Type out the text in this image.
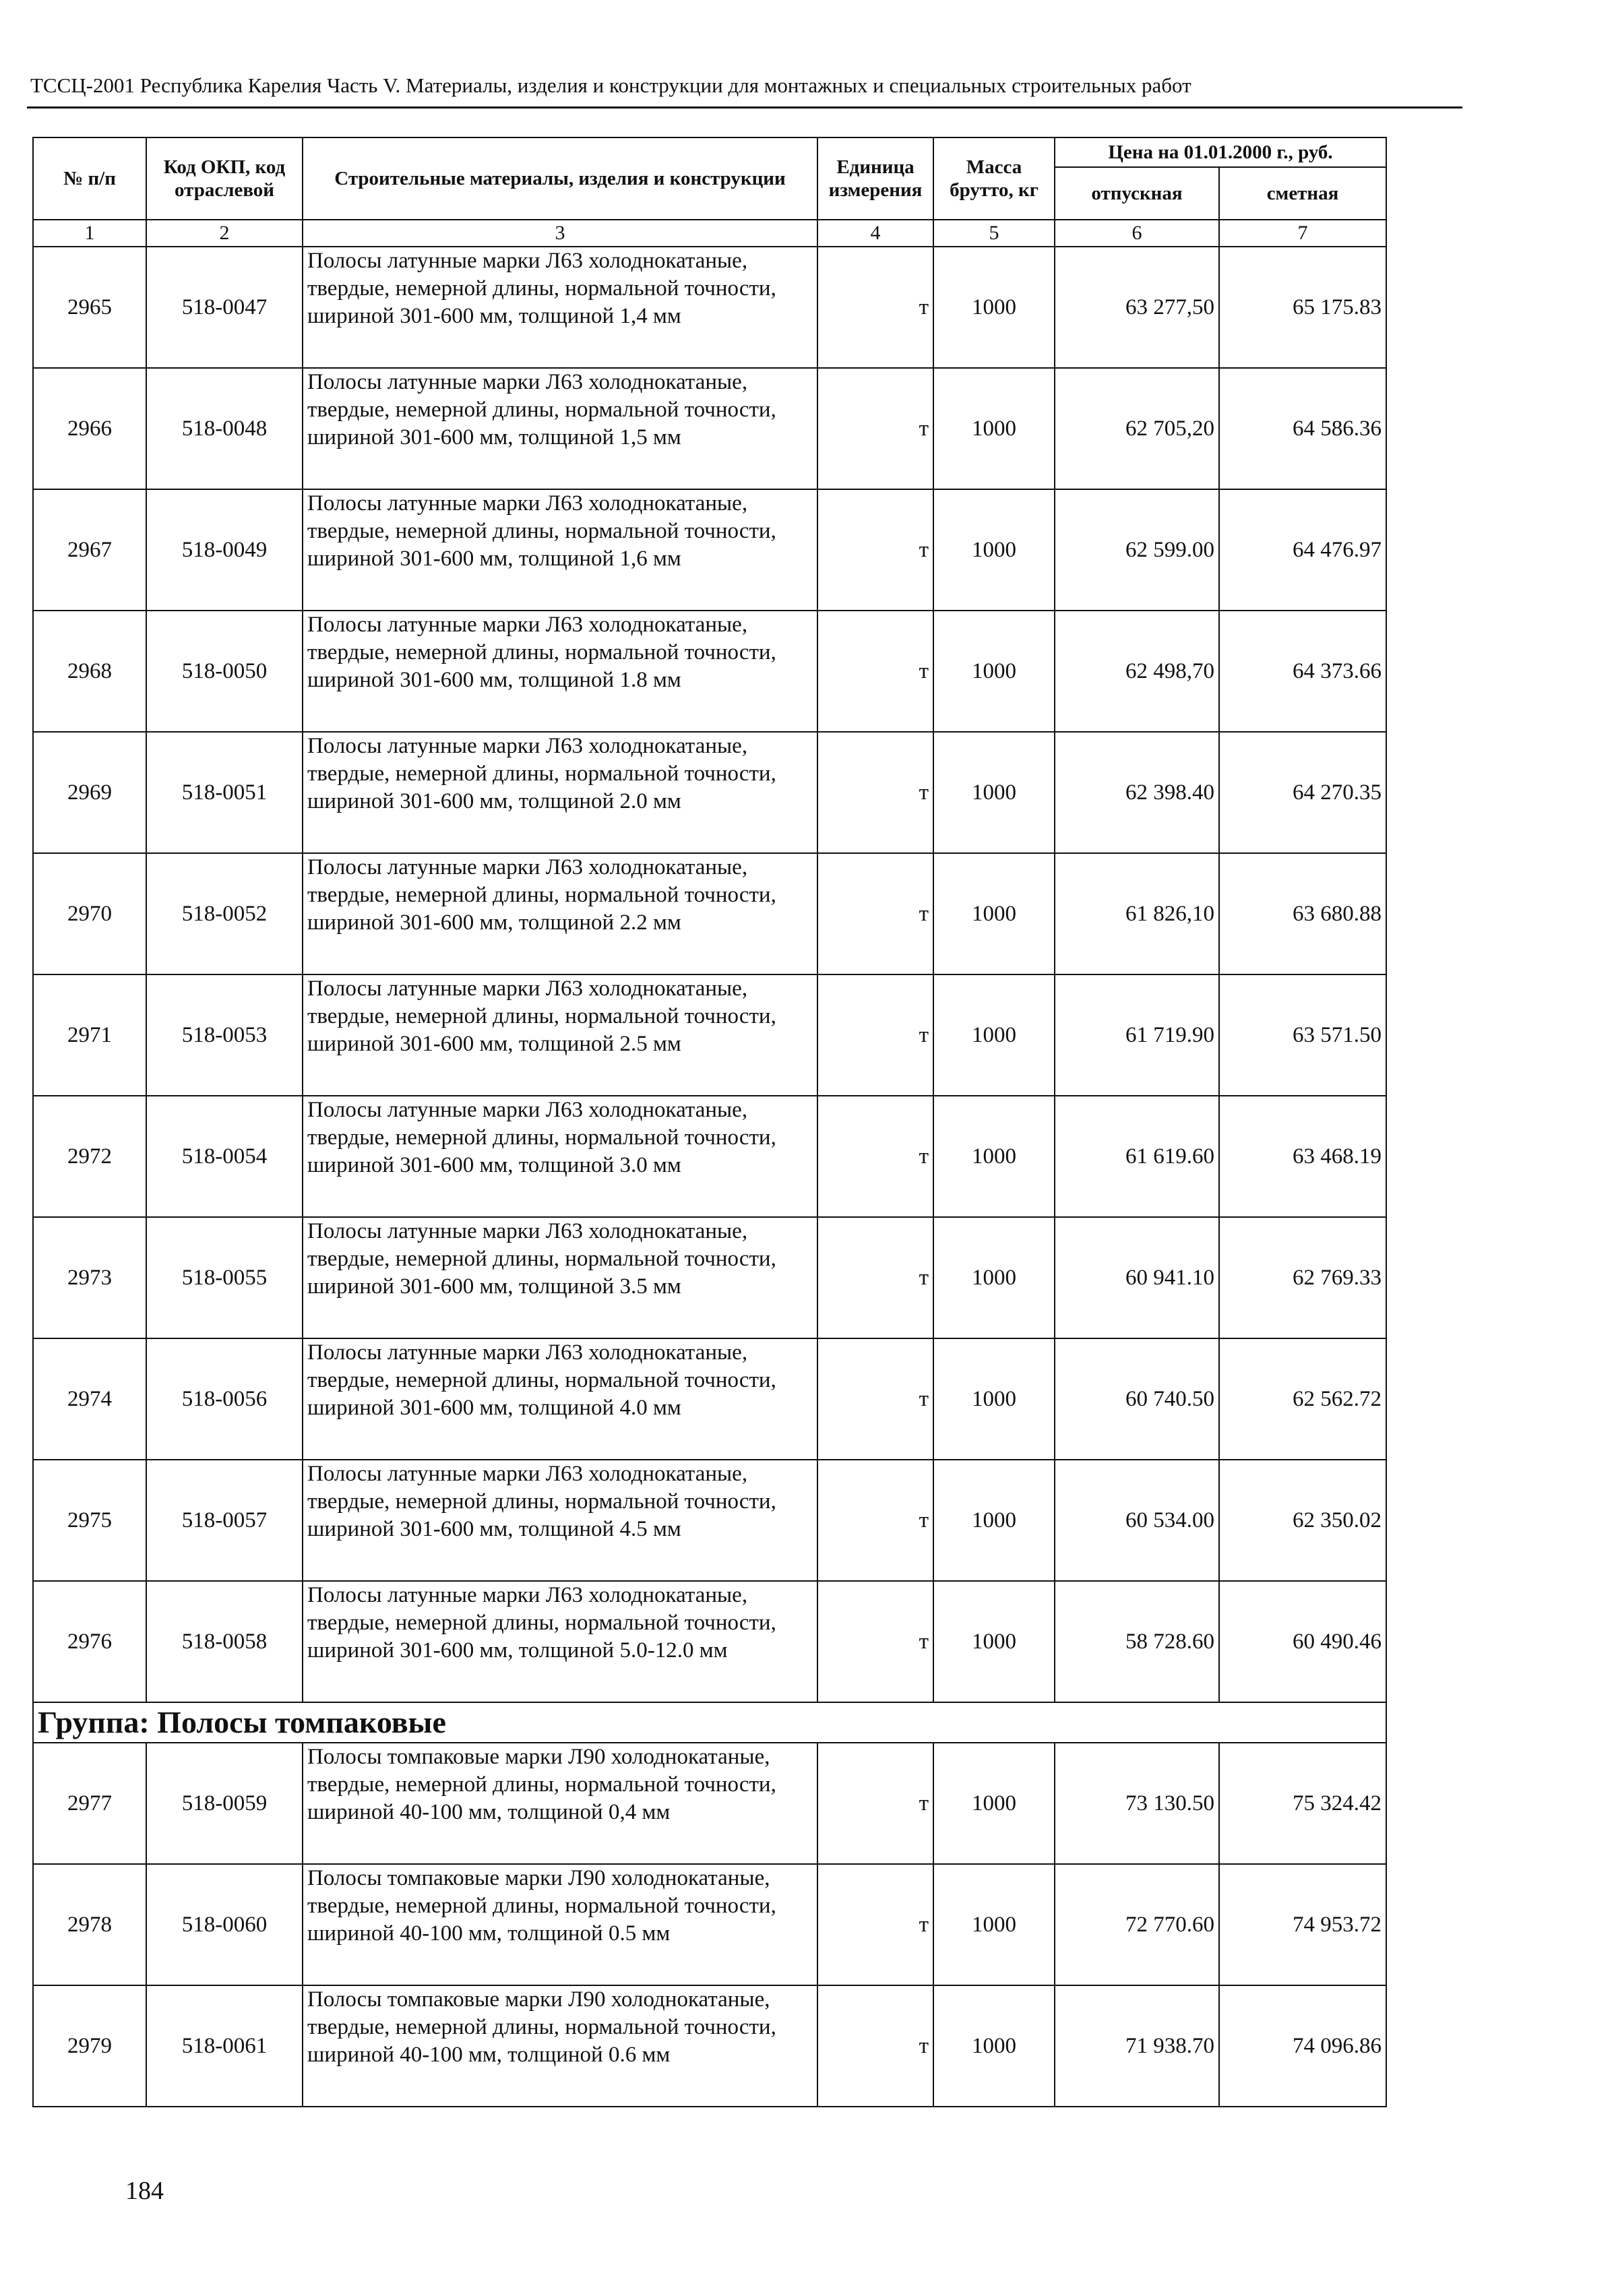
ТССЦ-2001 Республика Карелия Часть V. Материалы, изделия и конструкции для монтажных и специальных строительных работ
№ п/п	Код ОКП, код отраслевой	Строительные материалы, изделия и конструкции	Единица измерения	Масса брутто, кг	Цена на 01.01.2000 г., руб.	
					отпускная	сметная
1	2	3	4	5	6	7
2965	518-0047	Полосы латунные марки Л63 холоднокатаные, твердые, немерной длины, нормальной точности, шириной 301-600 мм, толщиной 1,4 мм	т	1000	63 277,50	65 175.83
2966	518-0048	Полосы латунные марки Л63 холоднокатаные, твердые, немерной длины, нормальной точности, шириной 301-600 мм, толщиной 1,5 мм	т	1000	62 705,20	64 586.36
2967	518-0049	Полосы латунные марки Л63 холоднокатаные, твердые, немерной длины, нормальной точности, шириной 301-600 мм, толщиной 1,6 мм	т	1000	62 599.00	64 476.97
2968	518-0050	Полосы латунные марки Л63 холоднокатаные, твердые, немерной длины, нормальной точности, шириной 301-600 мм, толщиной 1.8 мм	т	1000	62 498,70	64 373.66
2969	518-0051	Полосы латунные марки Л63 холоднокатаные, твердые, немерной длины, нормальной точности, шириной 301-600 мм, толщиной 2.0 мм	т	1000	62 398.40	64 270.35
2970	518-0052	Полосы латунные марки Л63 холоднокатаные, твердые, немерной длины, нормальной точности, шириной 301-600 мм, толщиной 2.2 мм	т	1000	61 826,10	63 680.88
2971	518-0053	Полосы латунные марки Л63 холоднокатаные, твердые, немерной длины, нормальной точности, шириной 301-600 мм, толщиной 2.5 мм	т	1000	61 719.90	63 571.50
2972	518-0054	Полосы латунные марки Л63 холоднокатаные, твердые, немерной длины, нормальной точности, шириной 301-600 мм, толщиной 3.0 мм	т	1000	61 619.60	63 468.19
2973	518-0055	Полосы латунные марки Л63 холоднокатаные, твердые, немерной длины, нормальной точности, шириной 301-600 мм, толщиной 3.5 мм	т	1000	60 941.10	62 769.33
2974	518-0056	Полосы латунные марки Л63 холоднокатаные, твердые, немерной длины, нормальной точности, шириной 301-600 мм, толщиной 4.0 мм	т	1000	60 740.50	62 562.72
2975	518-0057	Полосы латунные марки Л63 холоднокатаные, твердые, немерной длины, нормальной точности, шириной 301-600 мм, толщиной 4.5 мм	т	1000	60 534.00	62 350.02
2976	518-0058	Полосы латунные марки Л63 холоднокатаные, твердые, немерной длины, нормальной точности, шириной 301-600 мм, толщиной 5.0-12.0 мм	т	1000	58 728.60	60 490.46
Группа: Полосы томпаковые						
2977	518-0059	Полосы томпаковые марки Л90 холоднокатаные, твердые, немерной длины, нормальной точности, шириной 40-100 мм, толщиной 0,4 мм	т	1000	73 130.50	75 324.42
2978	518-0060	Полосы томпаковые марки Л90 холоднокатаные, твердые, немерной длины, нормальной точности, шириной 40-100 мм, толщиной 0.5 мм	т	1000	72 770.60	74 953.72
2979	518-0061	Полосы томпаковые марки Л90 холоднокатаные, твердые, немерной длины, нормальной точности, шириной 40-100 мм, толщиной 0.6 мм	т	1000	71 938.70	74 096.86
184
